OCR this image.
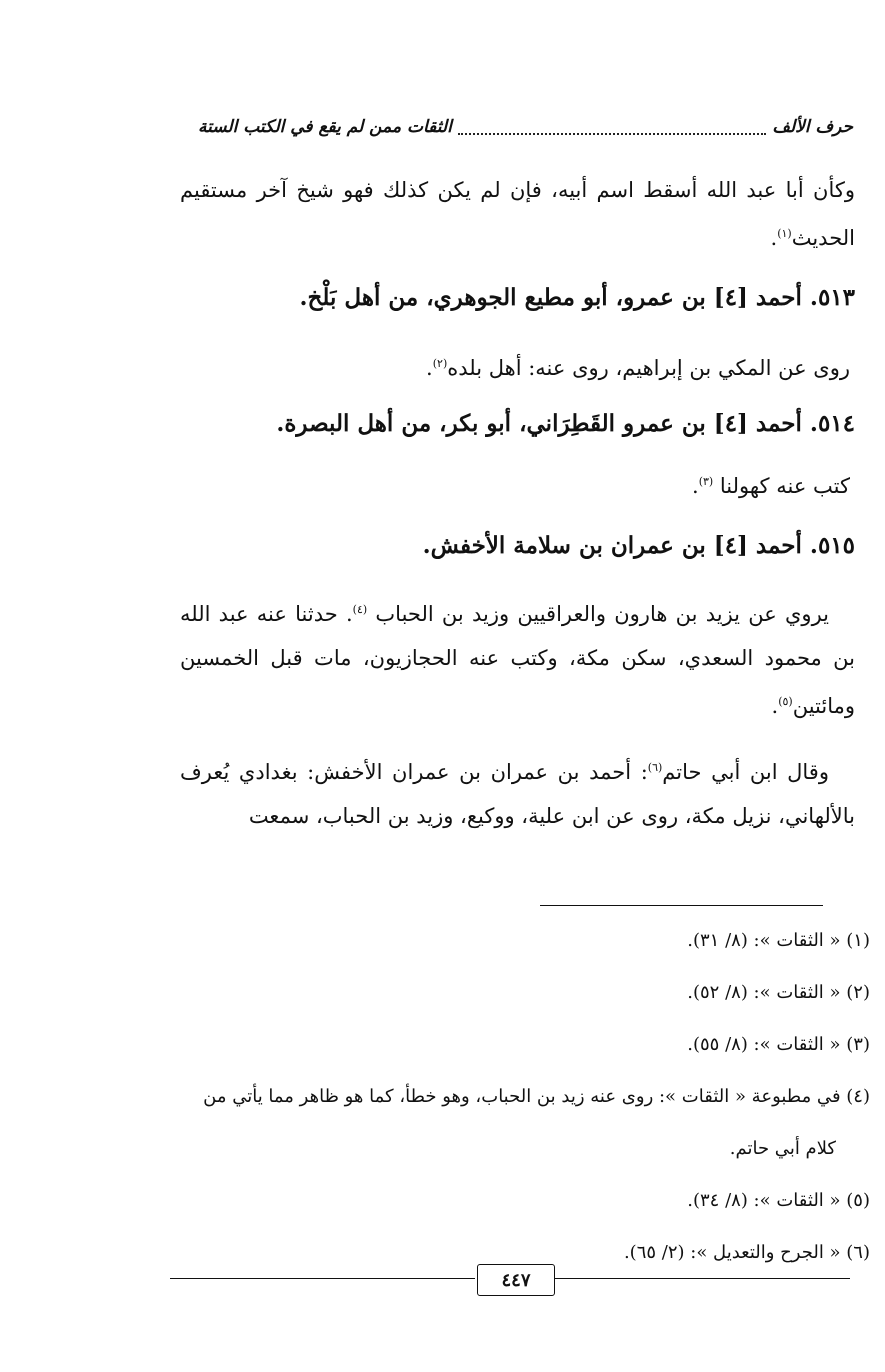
حرف الألف
الثقات ممن لم يقع في الكتب الستة
وكأن أبا عبد الله أسقط اسم أبيه، فإن لم يكن كذلك فهو شيخ آخر مستقيم
الحديث$^{(١)}$.
٥١٣. أحمد [٤] بن عمرو، أبو مطيع الجوهري، من أهل بَلْخ.
روى عن المكي بن إبراهيم، روى عنه: أهل بلده$^{(٢)}$.
٥١٤. أحمد [٤] بن عمرو القَطِرَاني، أبو بكر، من أهل البصرة.
كتب عنه كهولنا $^{(٣)}$.
٥١٥. أحمد [٤] بن عمران بن سلامة الأخفش.
يروي عن يزيد بن هارون والعراقيين وزيد بن الحباب $^{(٤)}$. حدثنا عنه عبد الله بن محمود السعدي، سكن مكة، وكتب عنه الحجازيون، مات قبل الخمسين ومائتين$^{(٥)}$.
وقال ابن أبي حاتم$^{(٦)}$: أحمد بن عمران بن عمران الأخفش: بغدادي يُعرف بالألهاني، نزيل مكة، روى عن ابن علية، ووكيع، وزيد بن الحباب، سمعت

(١) « الثقات »: (٨/ ٣١).

(٢) « الثقات »: (٨/ ٥٢).

(٣) « الثقات »: (٨/ ٥٥).

(٤) في مطبوعة « الثقات »: روى عنه زيد بن الحباب، وهو خطأ، كما هو ظاهر مما يأتي من

كلام أبي حاتم.

(٥) « الثقات »: (٨/ ٣٤).

(٦) « الجرح والتعديل »: (٢/ ٦٥).

٤٤٧
